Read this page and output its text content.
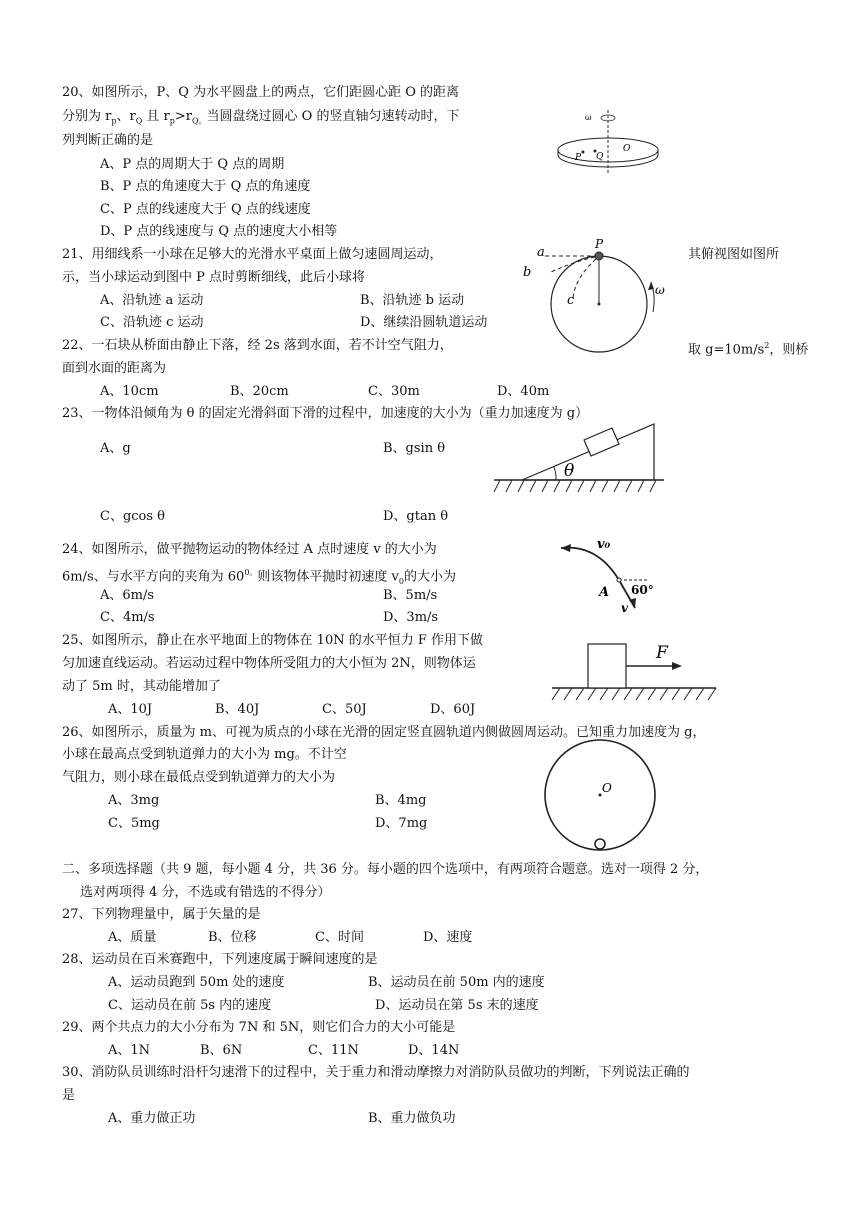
20、如图所示，P、Q 为水平圆盘上的两点，它们距圆心距 O 的距离
分别为 $r_p$、$r_Q$ 且 $r_p>r_{Q。}$当圆盘绕过圆心 O 的竖直轴匀速转动时，下
列判断正确的是
A、P 点的周期大于 Q 点的周期
B、P 点的角速度大于 Q 点的角速度
C、P 点的线速度大于 Q 点的线速度
D、P 点的线速度与 Q 点的速度大小相等
ω
P Q
O
21、用细线系一小球在足够大的光滑水平桌面上做匀速圆周运动，	其俯视图如图所
示，当小球运动到图中 P 点时剪断细线，此后小球将
A、沿轨迹 a 运动	B、沿轨迹 b 运动
C、沿轨迹 c 运动	D、继续沿圆轨道运动
a
b
c
P
ω
22、一石块从桥面由静止下落，经 2s 落到水面，若不计空气阻力，	取 $g=10m/s^2$，则桥
面到水面的距离为
A、10cm	B、20cm	C、30m	D、40m
23、一物体沿倾角为 θ 的固定光滑斜面下滑的过程中，加速度的大小为（重力加速度为 g）
A、g	B、gsin θ
C、gcos θ	D、gtan θ
θ
24、如图所示，做平抛物运动的物体经过 A 点时速度 v 的大小为
6m/s、与水平方向的夹角为 $60^{0。}$则该物体平抛时初速度 $v_0$的大小为
A、6m/s	B、5m/s
C、4m/s	D、3m/s
v₀
A 60°
v
25、如图所示，静止在水平地面上的物体在 10N 的水平恒力 F 作用下做
匀加速直线运动。若运动过程中物体所受阻力的大小恒为 2N，则物体运
动了 5m 时，其动能增加了
A、10J	B、40J	C、50J	D、60J
F
26、如图所示，质量为 m、可视为质点的小球在光滑的固定竖直圆轨道内侧做圆周运动。已知重力加速度为 g，
小球在最高点受到轨道弹力的大小为 mg。不计空
气阻力，则小球在最低点受到轨道弹力的大小为
A、3mg	B、4mg
C、5mg	D、7mg
O
二、多项选择题（共 9 题，每小题 4 分，共 36 分。每小题的四个选项中，有两项符合题意。选对一项得 2 分，
选对两项得 4 分，不选或有错选的不得分）
27、下列物理量中，属于矢量的是
A、质量	B、位移	C、时间	D、速度
28、运动员在百米赛跑中，下列速度属于瞬间速度的是
A、运动员跑到 50m 处的速度	B、运动员在前 50m 内的速度
C、运动员在前 5s 内的速度	D、运动员在第 5s 末的速度
29、两个共点力的大小分布为 7N 和 5N，则它们合力的大小可能是
A、1N	B、6N	C、11N	D、14N
30、消防队员训练时沿杆匀速滑下的过程中，关于重力和滑动摩擦力对消防队员做功的判断，下列说法正确的
是
A、重力做正功	B、重力做负功
